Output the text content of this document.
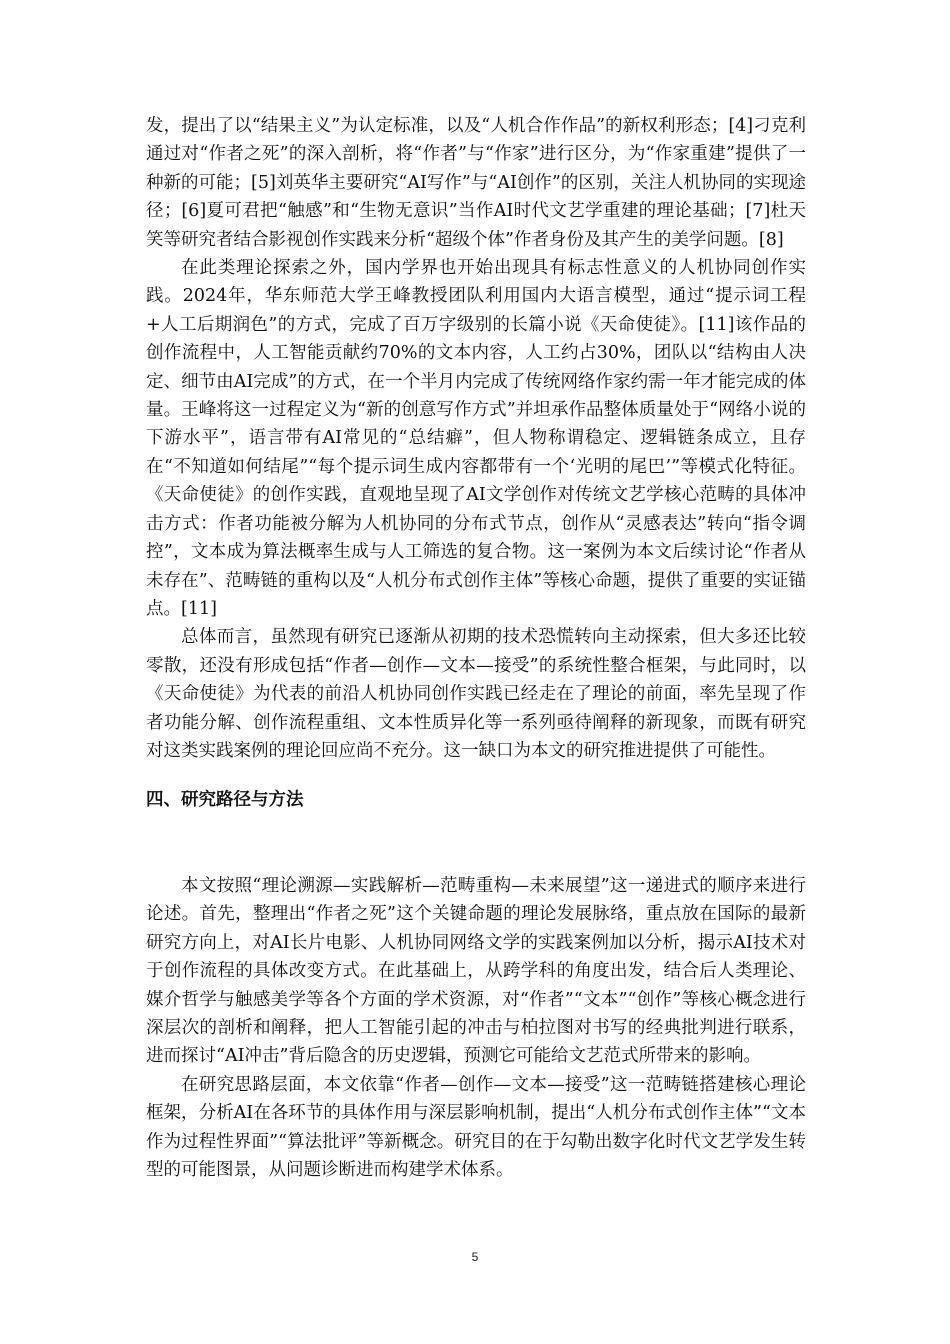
发，提出了以“结果主义”为认定标准，以及“人机合作作品”的新权利形态；[4]刁克利通过对“作者之死”的深入剖析，将“作者”与“作家”进行区分，为“作家重建”提供了一种新的可能；[5]刘英华主要研究“AI写作”与“AI创作”的区别，关注人机协同的实现途径；[6]夏可君把“触感”和“生物无意识”当作AI时代文艺学重建的理论基础；[7]杜天笑等研究者结合影视创作实践来分析“超级个体”作者身份及其产生的美学问题。[8]

在此类理论探索之外，国内学界也开始出现具有标志性意义的人机协同创作实践。2024年，华东师范大学王峰教授团队利用国内大语言模型，通过“提示词工程+人工后期润色”的方式，完成了百万字级别的长篇小说《天命使徒》。[11]该作品的创作流程中，人工智能贡献约70%的文本内容，人工约占30%，团队以“结构由人决定、细节由AI完成”的方式，在一个半月内完成了传统网络作家约需一年才能完成的体量。王峰将这一过程定义为“新的创意写作方式”并坦承作品整体质量处于“网络小说的下游水平”，语言带有AI常见的“总结癖”，但人物称谓稳定、逻辑链条成立，且存在“不知道如何结尾”“每个提示词生成内容都带有一个‘光明的尾巴’”等模式化特征。《天命使徒》的创作实践，直观地呈现了AI文学创作对传统文艺学核心范畴的具体冲击方式：作者功能被分解为人机协同的分布式节点，创作从“灵感表达”转向“指令调控”，文本成为算法概率生成与人工筛选的复合物。这一案例为本文后续讨论“作者从未存在”、范畴链的重构以及“人机分布式创作主体”等核心命题，提供了重要的实证锚点。[11]

总体而言，虽然现有研究已逐渐从初期的技术恐慌转向主动探索，但大多还比较零散，还没有形成包括“作者—创作—文本—接受”的系统性整合框架，与此同时，以《天命使徒》为代表的前沿人机协同创作实践已经走在了理论的前面，率先呈现了作者功能分解、创作流程重组、文本性质异化等一系列亟待阐释的新现象，而既有研究对这类实践案例的理论回应尚不充分。这一缺口为本文的研究推进提供了可能性。

四、研究路径与方法

本文按照“理论溯源—实践解析—范畴重构—未来展望”这一递进式的顺序来进行论述。首先，整理出“作者之死”这个关键命题的理论发展脉络，重点放在国际的最新研究方向上，对AI长片电影、人机协同网络文学的实践案例加以分析，揭示AI技术对于创作流程的具体改变方式。在此基础上，从跨学科的角度出发，结合后人类理论、媒介哲学与触感美学等各个方面的学术资源，对“作者”“文本”“创作”等核心概念进行深层次的剖析和阐释，把人工智能引起的冲击与柏拉图对书写的经典批判进行联系，进而探讨“AI冲击”背后隐含的历史逻辑，预测它可能给文艺范式所带来的影响。

在研究思路层面，本文依靠“作者—创作—文本—接受”这一范畴链搭建核心理论框架，分析AI在各环节的具体作用与深层影响机制，提出“人机分布式创作主体”“文本作为过程性界面”“算法批评”等新概念。研究目的在于勾勒出数字化时代文艺学发生转型的可能图景，从问题诊断进而构建学术体系。

5
